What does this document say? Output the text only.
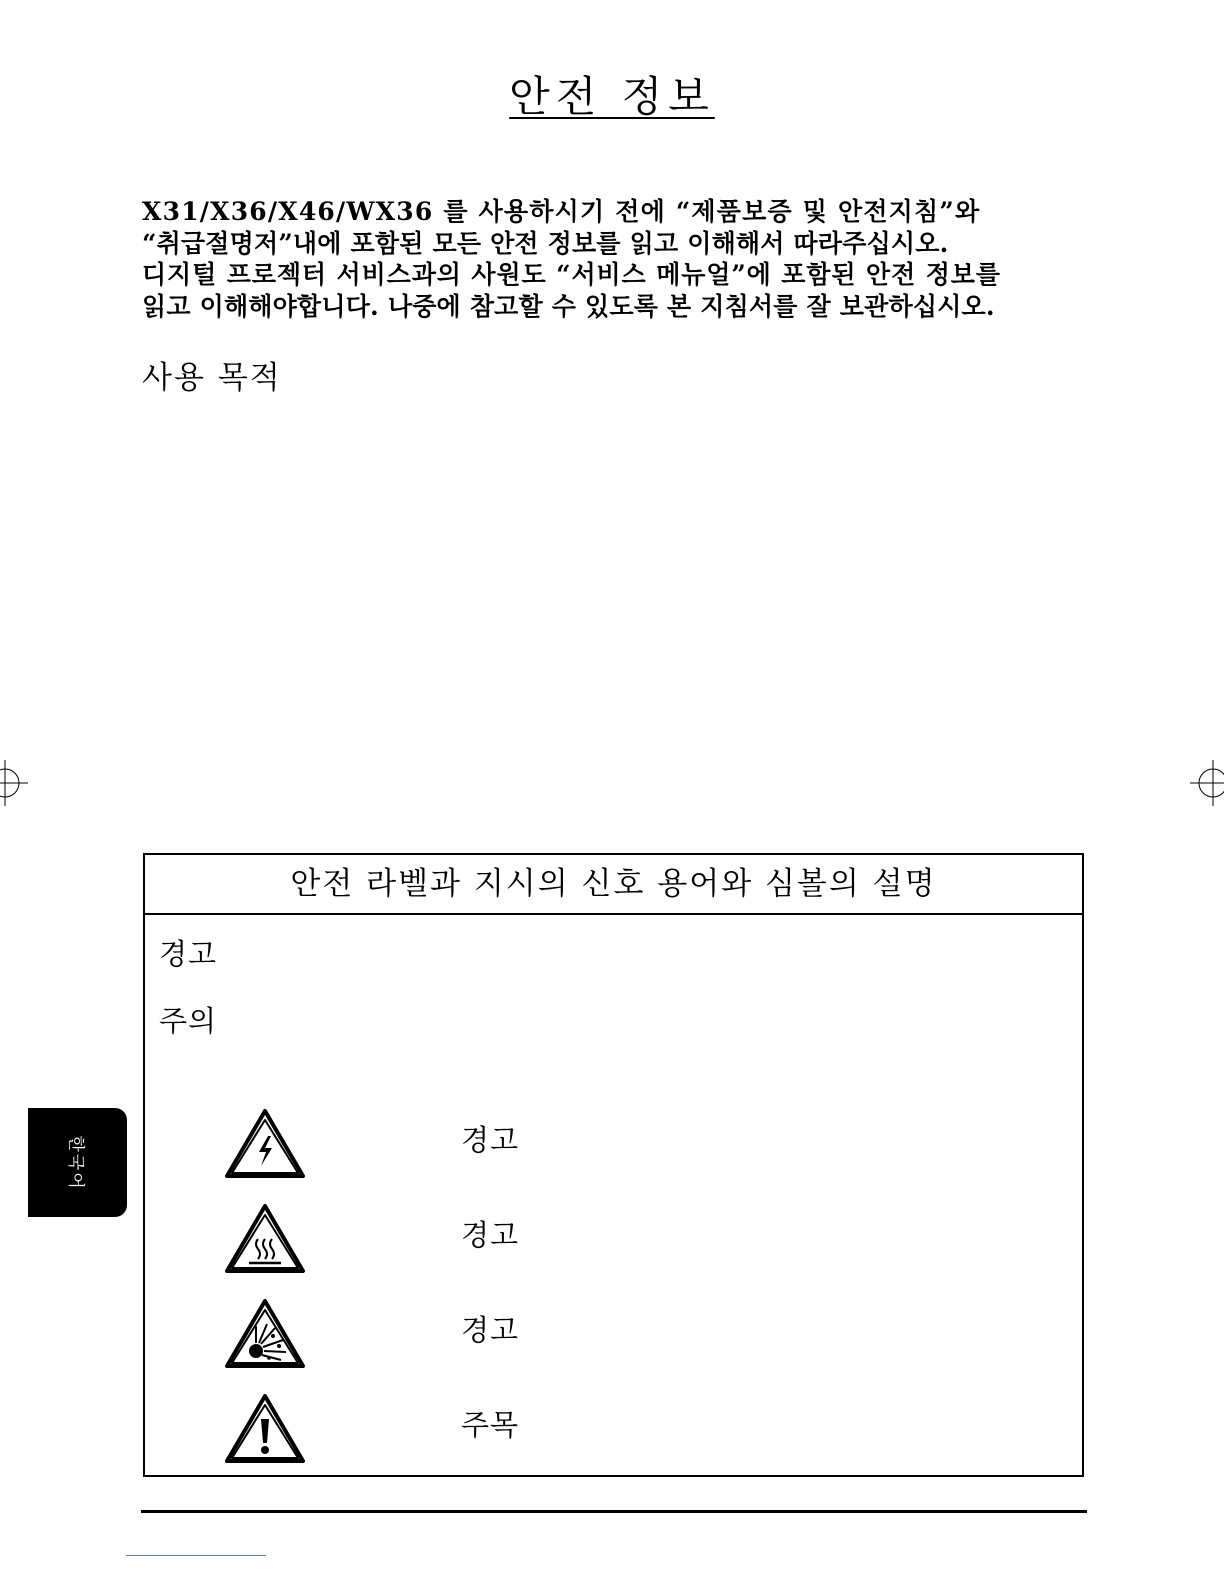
안전 정보

X31/X36/X46/WX36 를 사용하시기 전에 “제품보증 및 안전지침”와

“취급절명저”내에 포함된 모든 안전 정보를 읽고 이해해서 따라주십시오.

디지털 프로젝터 서비스과의 사원도 “서비스 메뉴얼”에 포함된 안전 정보를

읽고 이해해야합니다. 나중에 참고할 수 있도록 본 지침서를 잘 보관하십시오.

사용 목적
안전 라벨과 지시의 신호 용어와 심볼의 설명
경고
주의
경고
경고
경고
주목
한국어
